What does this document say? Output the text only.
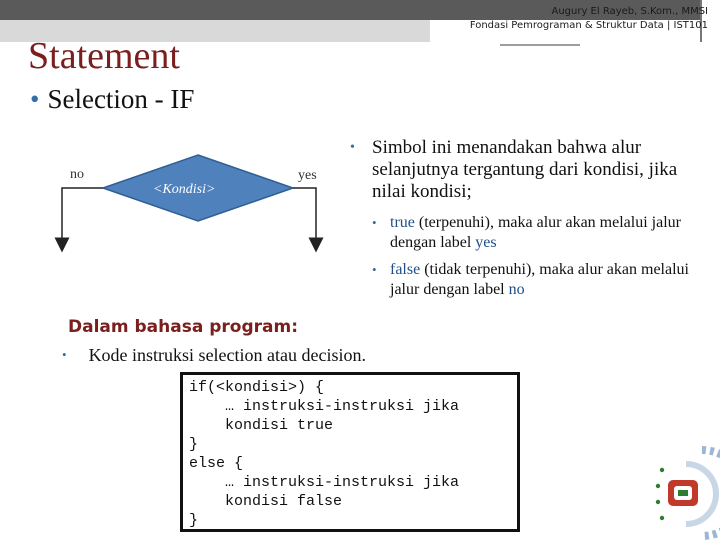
Augury El Rayeb, S.Kom., MMSI
Fondasi Pemrograman & Struktur Data | IST101
Statement
• Selection - IF
no	yes
<Kondisi>
• Simbol ini menandakan bahwa alur selanjutnya tergantung dari kondisi, jika nilai kondisi;
• true (terpenuhi), maka alur akan melalui jalur dengan label yes
• false (tidak terpenuhi), maka alur akan melalui jalur dengan label no
Dalam bahasa program:
• Kode instruksi selection atau decision.
if(<kondisi>) {
… instruksi-instruksi jika
kondisi true
}
else {
… instruksi-instruksi jika
kondisi false
}
